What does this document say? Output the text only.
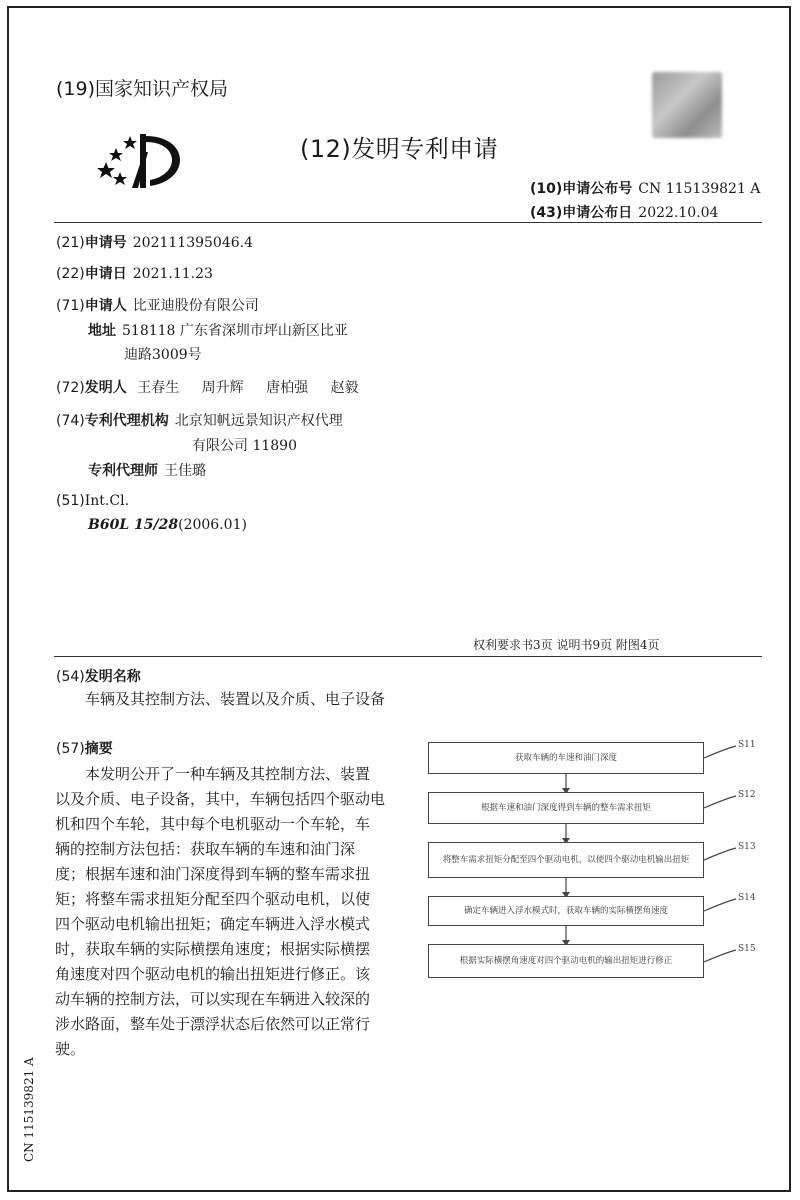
(19)国家知识产权局
(12)发明专利申请
(10)申请公布号 CN 115139821 A
(43)申请公布日 2022.10.04
(21)申请号 202111395046.4
(22)申请日 2021.11.23
(71)申请人 比亚迪股份有限公司
地址 518118 广东省深圳市坪山新区比亚
迪路3009号
(72)发明人 王春生 周升辉 唐柏强 赵毅
(74)专利代理机构 北京知帆远景知识产权代理
有限公司 11890
专利代理师 王佳璐
(51)Int.Cl.
B60L 15/28(2006.01)
权利要求书3页 说明书9页 附图4页
(54)发明名称
车辆及其控制方法、装置以及介质、电子设备
(57)摘要
本发明公开了一种车辆及其控制方法、装置
以及介质、电子设备，其中，车辆包括四个驱动电
机和四个车轮，其中每个电机驱动一个车轮，车
辆的控制方法包括：获取车辆的车速和油门深
度；根据车速和油门深度得到车辆的整车需求扭
矩；将整车需求扭矩分配至四个驱动电机，以使
四个驱动电机输出扭矩；确定车辆进入浮水模式
时，获取车辆的实际横摆角速度；根据实际横摆
角速度对四个驱动电机的输出扭矩进行修正。该
动车辆的控制方法，可以实现在车辆进入较深的
涉水路面，整车处于漂浮状态后依然可以正常行
驶。
获取车辆的车速和油门深度
S11
根据车速和油门深度得到车辆的整车需求扭矩
S12
将整车需求扭矩分配至四个驱动电机，以使四个驱动电机输出扭矩
S13
确定车辆进入浮水模式时，获取车辆的实际横摆角速度
S14
根据实际横摆角速度对四个驱动电机的输出扭矩进行修正
S15
CN 115139821 A
